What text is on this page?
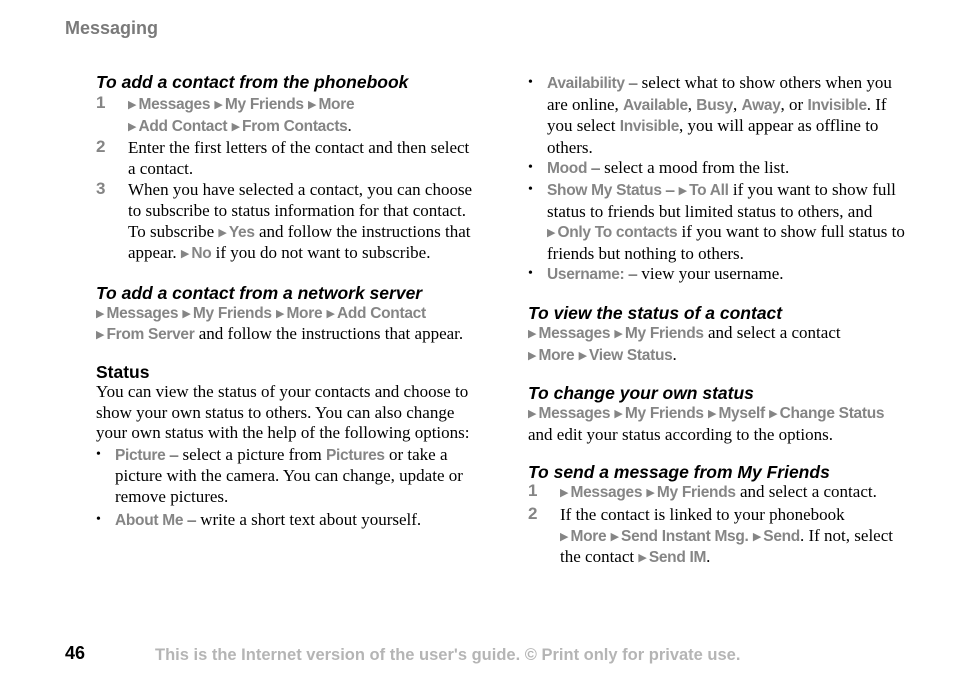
Messaging

To add a contact from the phonebook

1 ▶ Messages ▶ My Friends ▶ More
▶ Add Contact ▶ From Contacts.
2 Enter the first letters of the contact and then select a contact.
3 When you have selected a contact, you can choose to subscribe to status information for that contact. To subscribe ▶ Yes and follow the instructions that appear. ▶ No if you do not want to subscribe.

To add a contact from a network server

▶ Messages ▶ My Friends ▶ More ▶ Add Contact
▶ From Server and follow the instructions that appear.

Status

You can view the status of your contacts and choose to show your own status to others. You can also change your own status with the help of the following options:

• Picture – select a picture from Pictures or take a picture with the camera. You can change, update or remove pictures.
• About Me – write a short text about yourself.
• Availability – select what to show others when you are online, Available, Busy, Away, or Invisible. If you select Invisible, you will appear as offline to others.
• Mood – select a mood from the list.
• Show My Status – ▶ To All if you want to show full status to friends but limited status to others, and ▶ Only To contacts if you want to show full status to friends but nothing to others.
• Username: – view your username.

To view the status of a contact

▶ Messages ▶ My Friends and select a contact
▶ More ▶ View Status.

To change your own status

▶ Messages ▶ My Friends ▶ Myself ▶ Change Status
and edit your status according to the options.

To send a message from My Friends

1 ▶ Messages ▶ My Friends and select a contact.
2 If the contact is linked to your phonebook
▶ More ▶ Send Instant Msg. ▶ Send. If not, select the contact ▶ Send IM.
46	This is the Internet version of the user's guide. © Print only for private use.
